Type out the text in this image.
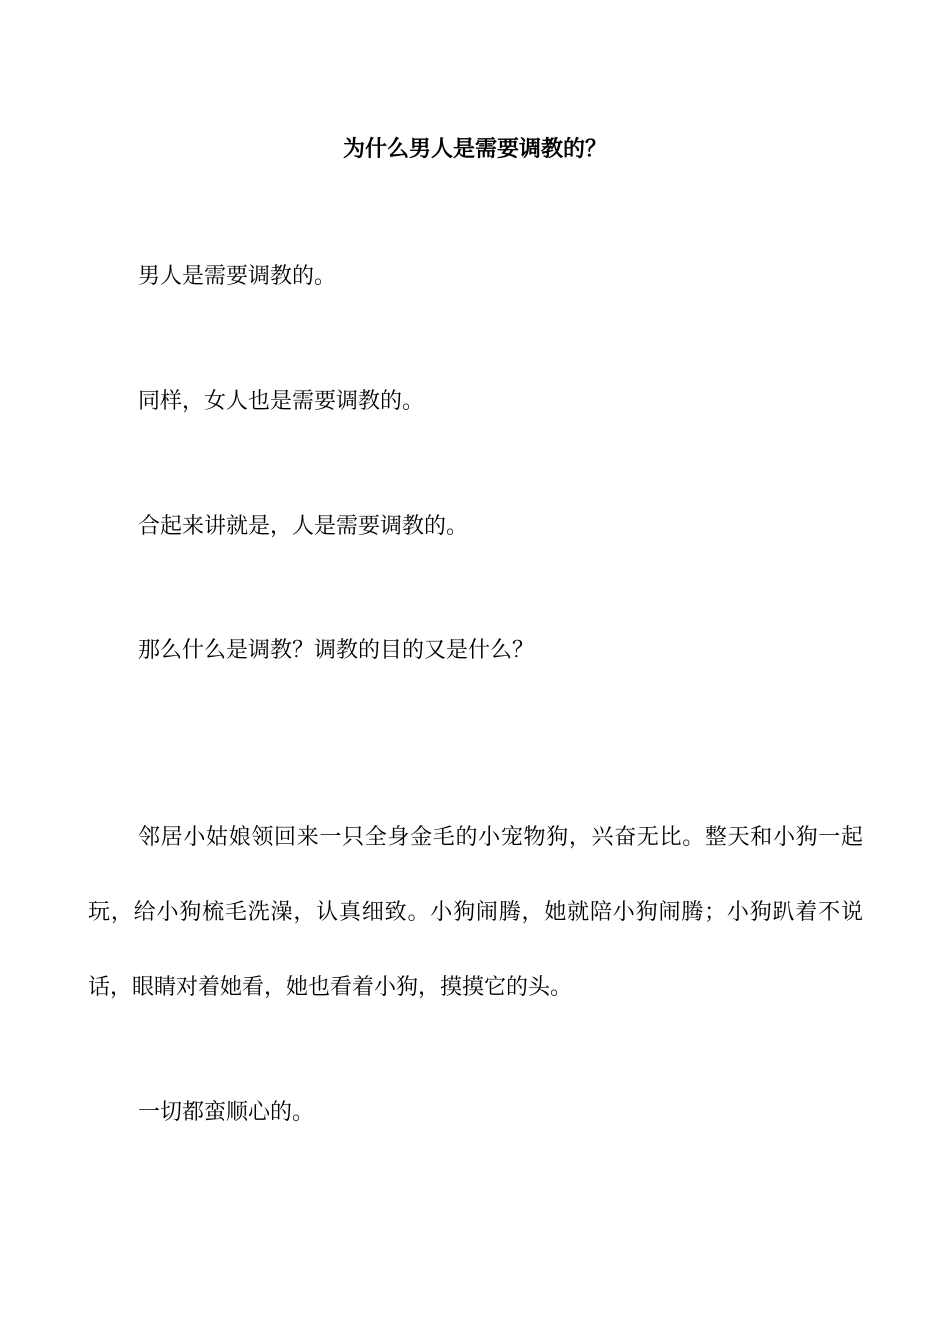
为什么男人是需要调教的？
男人是需要调教的。
同样，女人也是需要调教的。
合起来讲就是，人是需要调教的。
那么什么是调教？调教的目的又是什么？
邻居小姑娘领回来一只全身金毛的小宠物狗，兴奋无比。整天和小狗一起玩，给小狗梳毛洗澡，认真细致。小狗闹腾，她就陪小狗闹腾；小狗趴着不说话，眼睛对着她看，她也看着小狗，摸摸它的头。
一切都蛮顺心的。
